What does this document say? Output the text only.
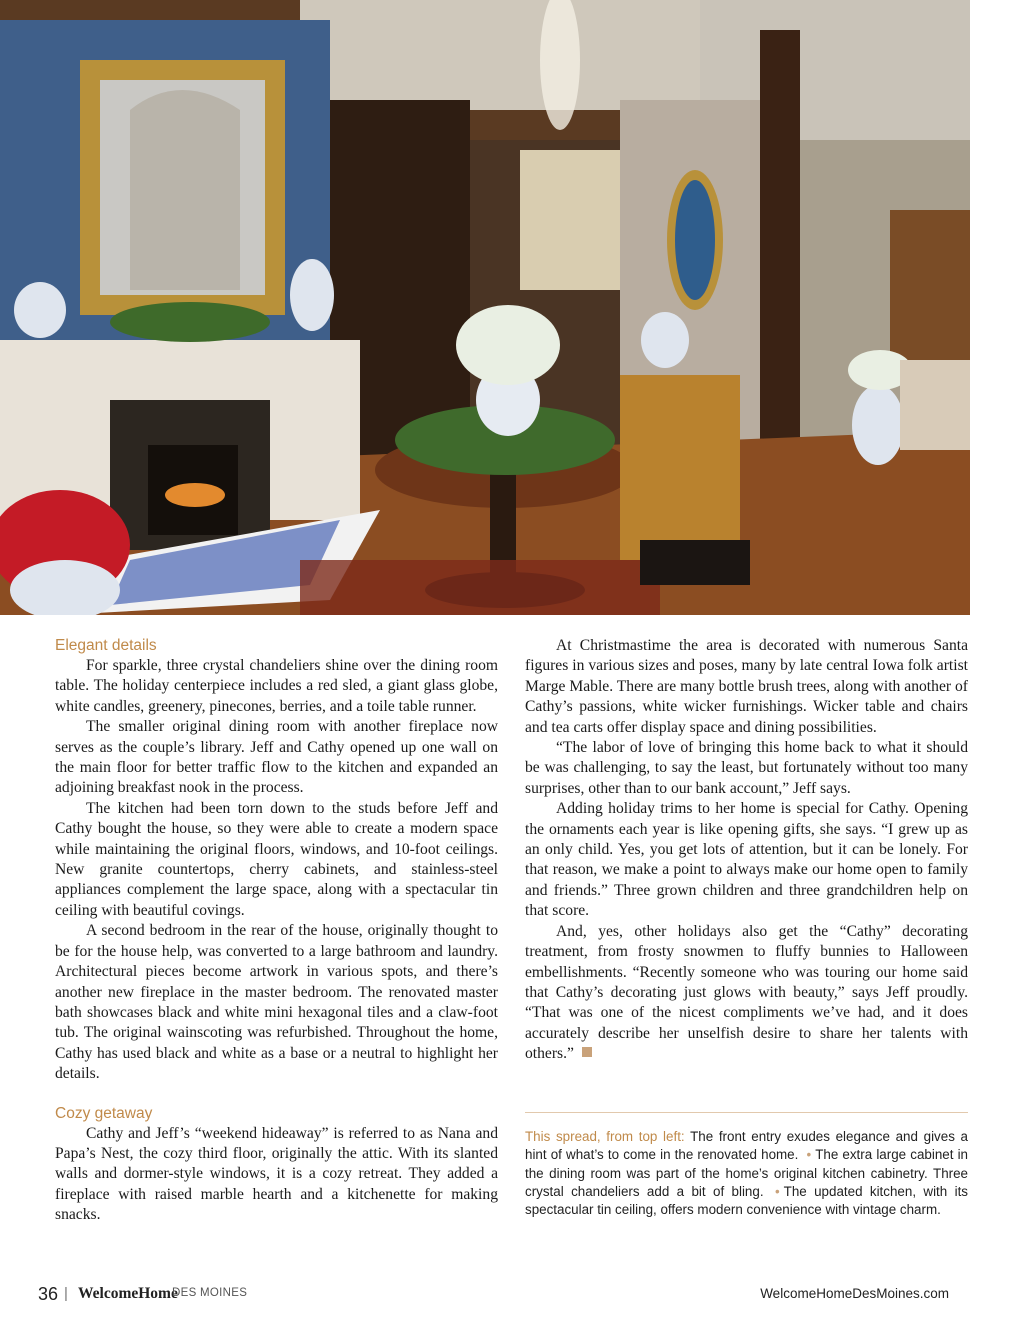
Elegant details

For sparkle, three crystal chandeliers shine over the dining room table. The holiday centerpiece includes a red sled, a giant glass globe, white candles, greenery, pinecones, berries, and a toile table runner.

The smaller original dining room with another fireplace now serves as the couple’s library. Jeff and Cathy opened up one wall on the main floor for better traffic flow to the kitchen and expanded an adjoining breakfast nook in the process.

The kitchen had been torn down to the studs before Jeff and Cathy bought the house, so they were able to create a modern space while maintaining the original floors, windows, and 10-foot ceilings. New granite countertops, cherry cabinets, and stainless-steel appliances complement the large space, along with a spectacular tin ceiling with beautiful covings.

A second bedroom in the rear of the house, originally thought to be for the house help, was converted to a large bathroom and laundry. Architectural pieces become artwork in various spots, and there’s another new fireplace in the master bedroom. The renovated master bath showcases black and white mini hexagonal tiles and a claw-foot tub. The original wainscoting was refurbished. Throughout the home, Cathy has used black and white as a base or a neutral to highlight her details.

Cozy getaway

Cathy and Jeff’s “weekend hideaway” is referred to as Nana and Papa’s Nest, the cozy third floor, originally the attic. With its slanted walls and dormer-style windows, it is a cozy retreat. They added a fireplace with raised marble hearth and a kitchenette for making snacks.

At Christmastime the area is decorated with numerous Santa figures in various sizes and poses, many by late central Iowa folk artist Marge Mable. There are many bottle brush trees, along with another of Cathy’s passions, white wicker furnishings. Wicker table and chairs and tea carts offer display space and dining possibilities.

“The labor of love of bringing this home back to what it should be was challenging, to say the least, but fortunately without too many surprises, other than to our bank account,” Jeff says.

Adding holiday trims to her home is special for Cathy. Opening the ornaments each year is like opening gifts, she says. “I grew up as an only child. Yes, you get lots of attention, but it can be lonely. For that reason, we make a point to always make our home open to family and friends.” Three grown children and three grandchildren help on that score.

And, yes, other holidays also get the “Cathy” decorating treatment, from frosty snowmen to fluffy bunnies to Halloween embellishments. “Recently someone who was touring our home said that Cathy’s decorating just glows with beauty,” says Jeff proudly. “That was one of the nicest compliments we’ve had, and it does accurately describe her unselfish desire to share her talents with others.”

This spread, from top left: The front entry exudes elegance and gives a hint of what’s to come in the renovated home. • The extra large cabinet in the dining room was part of the home’s original kitchen cabinetry. Three crystal chandeliers add a bit of bling. • The updated kitchen, with its spectacular tin ceiling, offers modern convenience with vintage charm.
36 | WelcomeHome
DES MOINES	WelcomeHomeDesMoines.com
